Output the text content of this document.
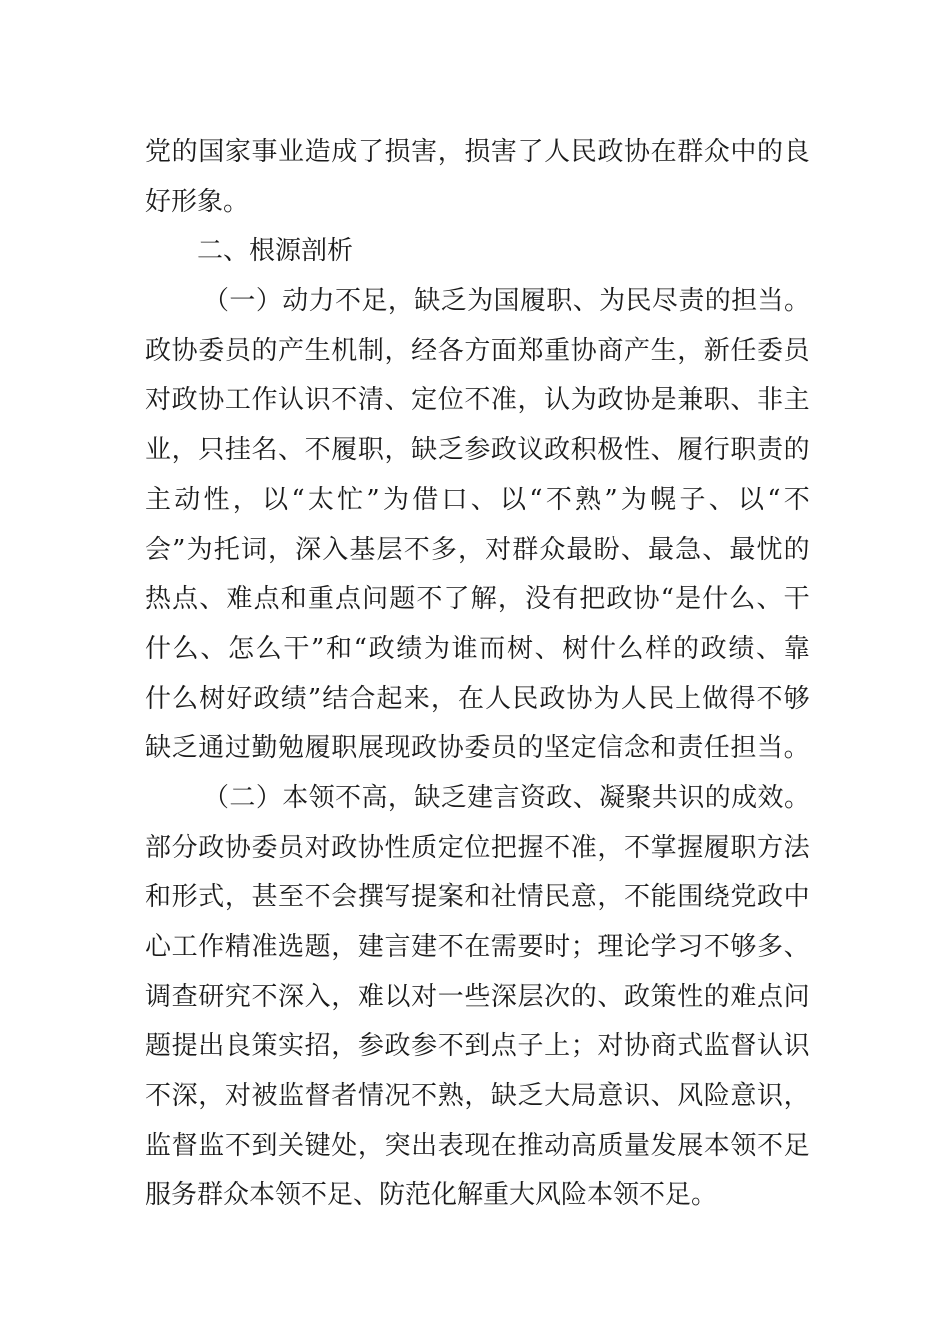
党 的 国 家 事 业 造 成 了 损 害 ， 损 害 了 人 民 政 协 在 群 众 中 的 良
好形象。
二、根源剖析
（ 一 ） 动 力 不 足 ， 缺 乏 为 国 履 职 、 为 民 尽 责 的 担 当 。
政 协 委 员 的 产 生 机 制 ， 经 各 方 面 郑 重 协 商 产 生 ， 新 任 委 员
对 政 协 工 作 认 识 不 清 、 定 位 不 准 ， 认 为 政 协 是 兼 职 、 非 主
业 ， 只 挂 名 、 不 履 职 ， 缺 乏 参 政 议 政 积 极 性 、 履 行 职 责 的
主 动 性 ， 以 “ 太 忙 ” 为 借 口 、 以 “ 不 熟 ” 为 幌 子 、 以 “ 不
会 ” 为 托 词 ， 深 入 基 层 不 多 ， 对 群 众 最 盼 、 最 急 、 最 忧 的
热 点 、 难 点 和 重 点 问 题 不 了 解 ， 没 有 把 政 协 “ 是 什 么 、 干
什 么 、 怎 么 干 ” 和 “ 政 绩 为 谁 而 树 、 树 什 么 样 的 政 绩 、 靠
什 么 树 好 政 绩 ” 结 合 起 来 ， 在 人 民 政 协 为 人 民 上 做 得 不 够
缺 乏 通 过 勤 勉 履 职 展 现 政 协 委 员 的 坚 定 信 念 和 责 任 担 当 。
（ 二 ） 本 领 不 高 ， 缺 乏 建 言 资 政 、 凝 聚 共 识 的 成 效 。
部 分 政 协 委 员 对 政 协 性 质 定 位 把 握 不 准 ， 不 掌 握 履 职 方 法
和 形 式 ， 甚 至 不 会 撰 写 提 案 和 社 情 民 意 ， 不 能 围 绕 党 政 中
心 工 作 精 准 选 题 ， 建 言 建 不 在 需 要 时 ； 理 论 学 习 不 够 多 、
调 查 研 究 不 深 入 ， 难 以 对 一 些 深 层 次 的 、 政 策 性 的 难 点 问
题 提 出 良 策 实 招 ， 参 政 参 不 到 点 子 上 ； 对 协 商 式 监 督 认 识
不 深 ， 对 被 监 督 者 情 况 不 熟 ， 缺 乏 大 局 意 识 、 风 险 意 识 ，
监 督 监 不 到 关 键 处 ， 突 出 表 现 在 推 动 高 质 量 发 展 本 领 不 足
服务群众本领不足、防范化解重大风险本领不足。
